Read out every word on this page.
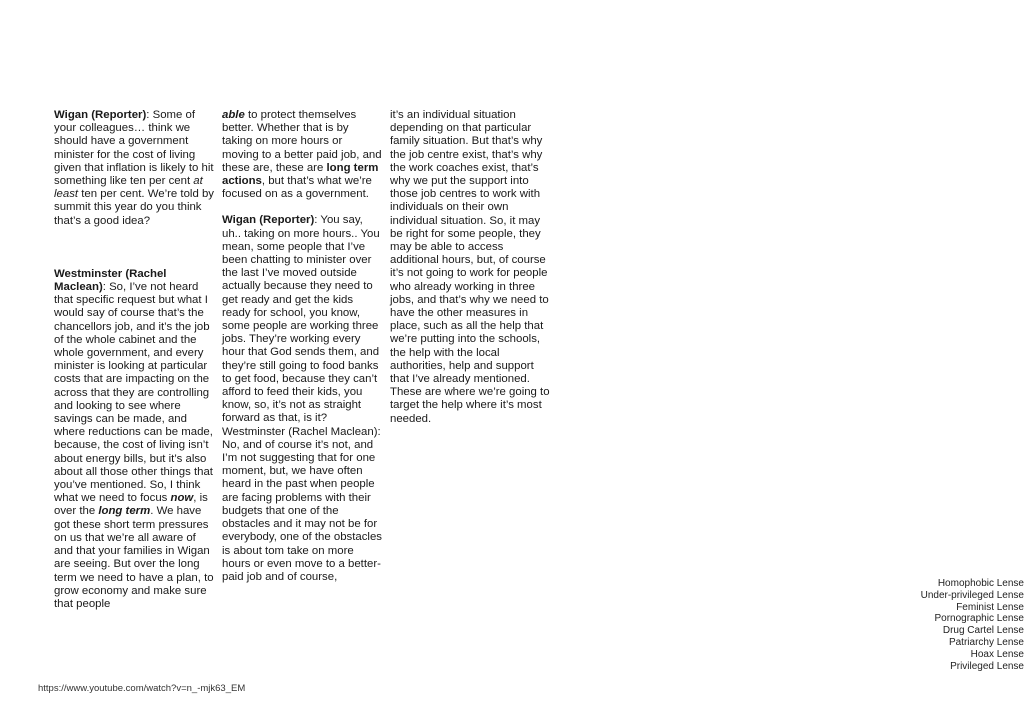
Wigan (Reporter): Some of your colleagues… think we should have a government minister for the cost of living given that inflation is likely to hit something like ten per cent at least ten per cent. We’re told by summit this year do you think that’s a good idea?

Westminster (Rachel Maclean): So, I’ve not heard that specific request but what I would say of course that’s the chancellors job, and it’s the job of the whole cabinet and the whole government, and every minister is looking at particular costs that are impacting on the across that they are controlling and looking to see where savings can be made, and where reductions can be made, because, the cost of living isn’t about energy bills, but it’s also about all those other things that you’ve mentioned. So, I think what we need to focus now, is over the long term. We have got these short term pressures on us that we’re all aware of and that your families in Wigan are seeing. But over the long term we need to have a plan, to grow economy and make sure that people

able to protect themselves better. Whether that is by taking on more hours or moving to a better paid job, and these are, these are long term actions, but that’s what we’re focused on as a government.

Wigan (Reporter): You say, uh.. taking on more hours.. You mean, some people that I’ve been chatting to minister over the last I’ve moved outside actually because they need to get ready and get the kids ready for school, you know, some people are working three jobs. They’re working every hour that God sends them, and they’re still going to food banks to get food, because they can’t afford to feed their kids, you know, so, it’s not as straight forward as that, is it? Westminster (Rachel Maclean): No, and of course it’s not, and I’m not suggesting that for one moment, but, we have often heard in the past when people are facing problems with their budgets that one of the obstacles and it may not be for everybody, one of the obstacles is about tom take on more hours or even move to a better-paid job and of course,

it’s an individual situation depending on that particular family situation. But that’s why the job centre exist, that’s why the work coaches exist, that’s why we put the support into those job centres to work with individuals on their own individual situation. So, it may be right for some people, they may be able to access additional hours, but, of course it’s not going to work for people who already working in three jobs, and that’s why we need to have the other measures in place, such as all the help that we’re putting into the schools, the help with the local authorities, help and support that I’ve already mentioned. These are where we’re going to target the help where it’s most needed.

Homophobic Lense
Under-privileged Lense
Feminist Lense
Pornographic Lense
Drug Cartel Lense
Patriarchy Lense
Hoax Lense
Privileged Lense
https://www.youtube.com/watch?v=n_-mjk63_EM
